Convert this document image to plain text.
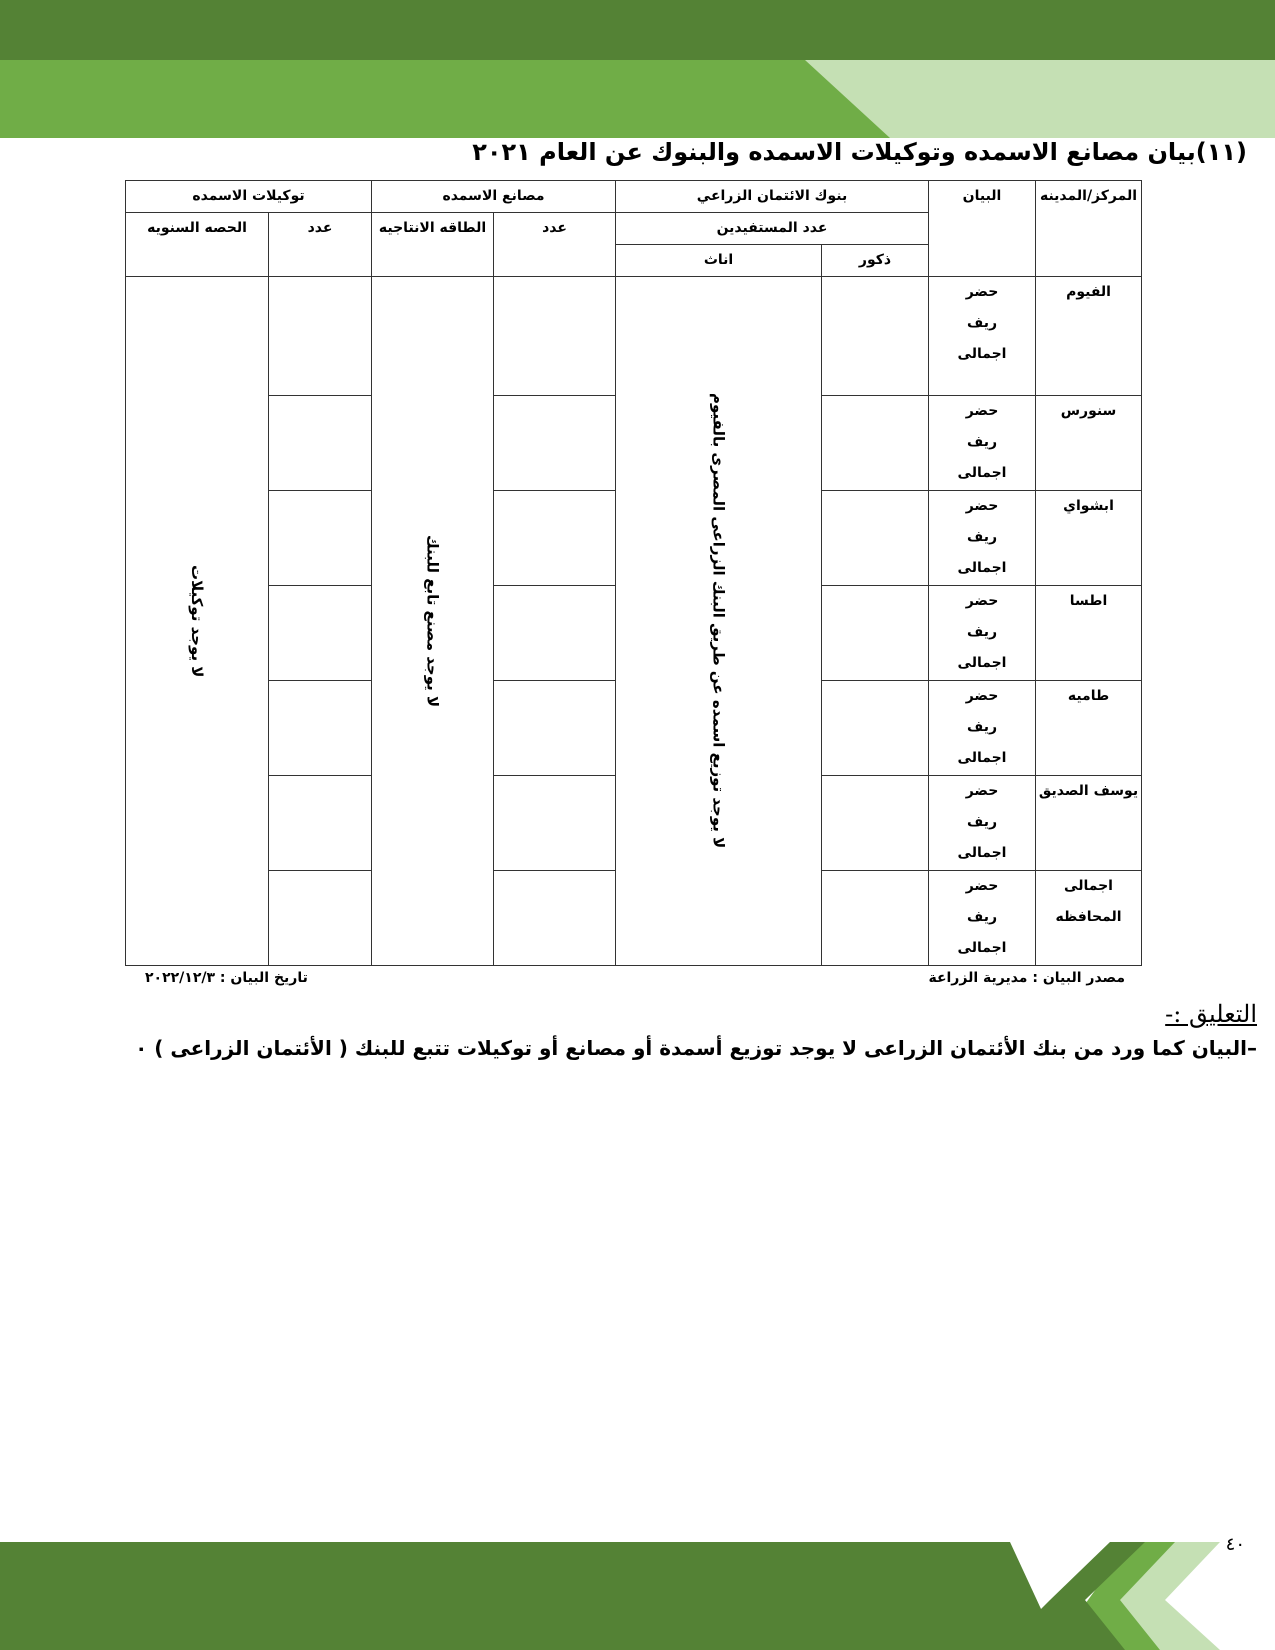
(١١)بيان مصانع الاسمده وتوكيلات الاسمده والبنوك عن العام ٢٠٢١
المركز/المدينه	البيان	بنوك الائتمان الزراعي		مصانع الاسمده		توكيلات الاسمده	
		عدد المستفيدين		عدد	الطاقه الانتاجيه	عدد	الحصه السنويه
		ذكور	اناث				
الفيوم	حضر
ريف
اجمالى		لا يوجد توزيع اسمده عن طريق البنك الزراعى المصرى بالفيوم		لا يوجد مصنع تابع للبنك		لا يوجد توكيلات
سنورس	حضر
ريف
اجمالى						

ابشواي	حضر
ريف
اجمالى						

اطسا	حضر
ريف
اجمالى						

طاميه	حضر
ريف
اجمالى						

يوسف الصديق	حضر
ريف
اجمالى						

اجمالى المحافظه	حضر
ريف
اجمالى						

مصدر البيان : مديرية الزراعة
تاريخ البيان : ٢٠٢٢/١٢/٣
التعليق :-
–البيان كما ورد من بنك الأئتمان الزراعى لا يوجد توزيع أسمدة أو مصانع أو توكيلات تتبع للبنك ( الأئتمان الزراعى ) ٠
٤٠
